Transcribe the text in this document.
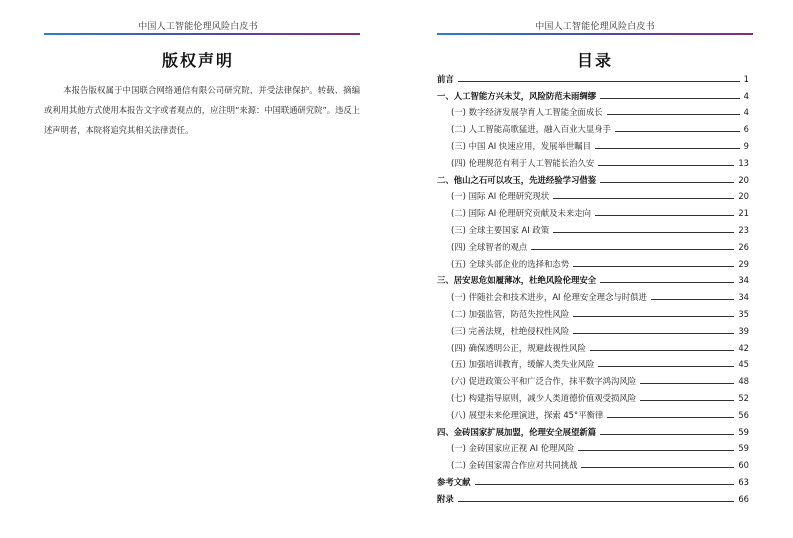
中国人工智能伦理风险白皮书
版权声明
本报告版权属于中国联合网络通信有限公司研究院，并受法律保护。转载、摘编或利用其他方式使用本报告文字或者观点的，应注明“来源：中国联通研究院”。违反上述声明者，本院将追究其相关法律责任。
中国人工智能伦理风险白皮书
目录
前言	1
一、人工智能方兴未艾，风险防范未雨绸缪	4
(一) 数字经济发展孕育人工智能全面成长	4
(二) 人工智能高歌猛进，融入百业大显身手	6
(三) 中国 AI 快速应用，发展举世瞩目	9
(四) 伦理规范有利于人工智能长治久安	13
二、他山之石可以攻玉，先进经验学习借鉴	20
(一) 国际 AI 伦理研究现状	20
(二) 国际 AI 伦理研究贡献及未来走向	21
(三) 全球主要国家 AI 政策	23
(四) 全球智者的观点	26
(五) 全球头部企业的选择和态势	29
三、居安思危如履薄冰，杜绝风险伦理安全	34
(一) 伴随社会和技术进步，AI 伦理安全理念与时俱进	34
(二) 加强监管，防范失控性风险	35
(三) 完善法规，杜绝侵权性风险	39
(四) 确保透明公正，规避歧视性风险	42
(五) 加强培训教育，缓解人类失业风险	45
(六) 促进政策公平和广泛合作，抹平数字鸿沟风险	48
(七) 构建指导原则，减少人类道德价值观受损风险	52
(八) 展望未来伦理演进，探索 45°平衡律	56
四、金砖国家扩展加盟，伦理安全展望新篇	59
(一) 金砖国家应正视 AI 伦理风险	59
(二) 金砖国家需合作应对共同挑战	60
参考文献	63
附录	66
